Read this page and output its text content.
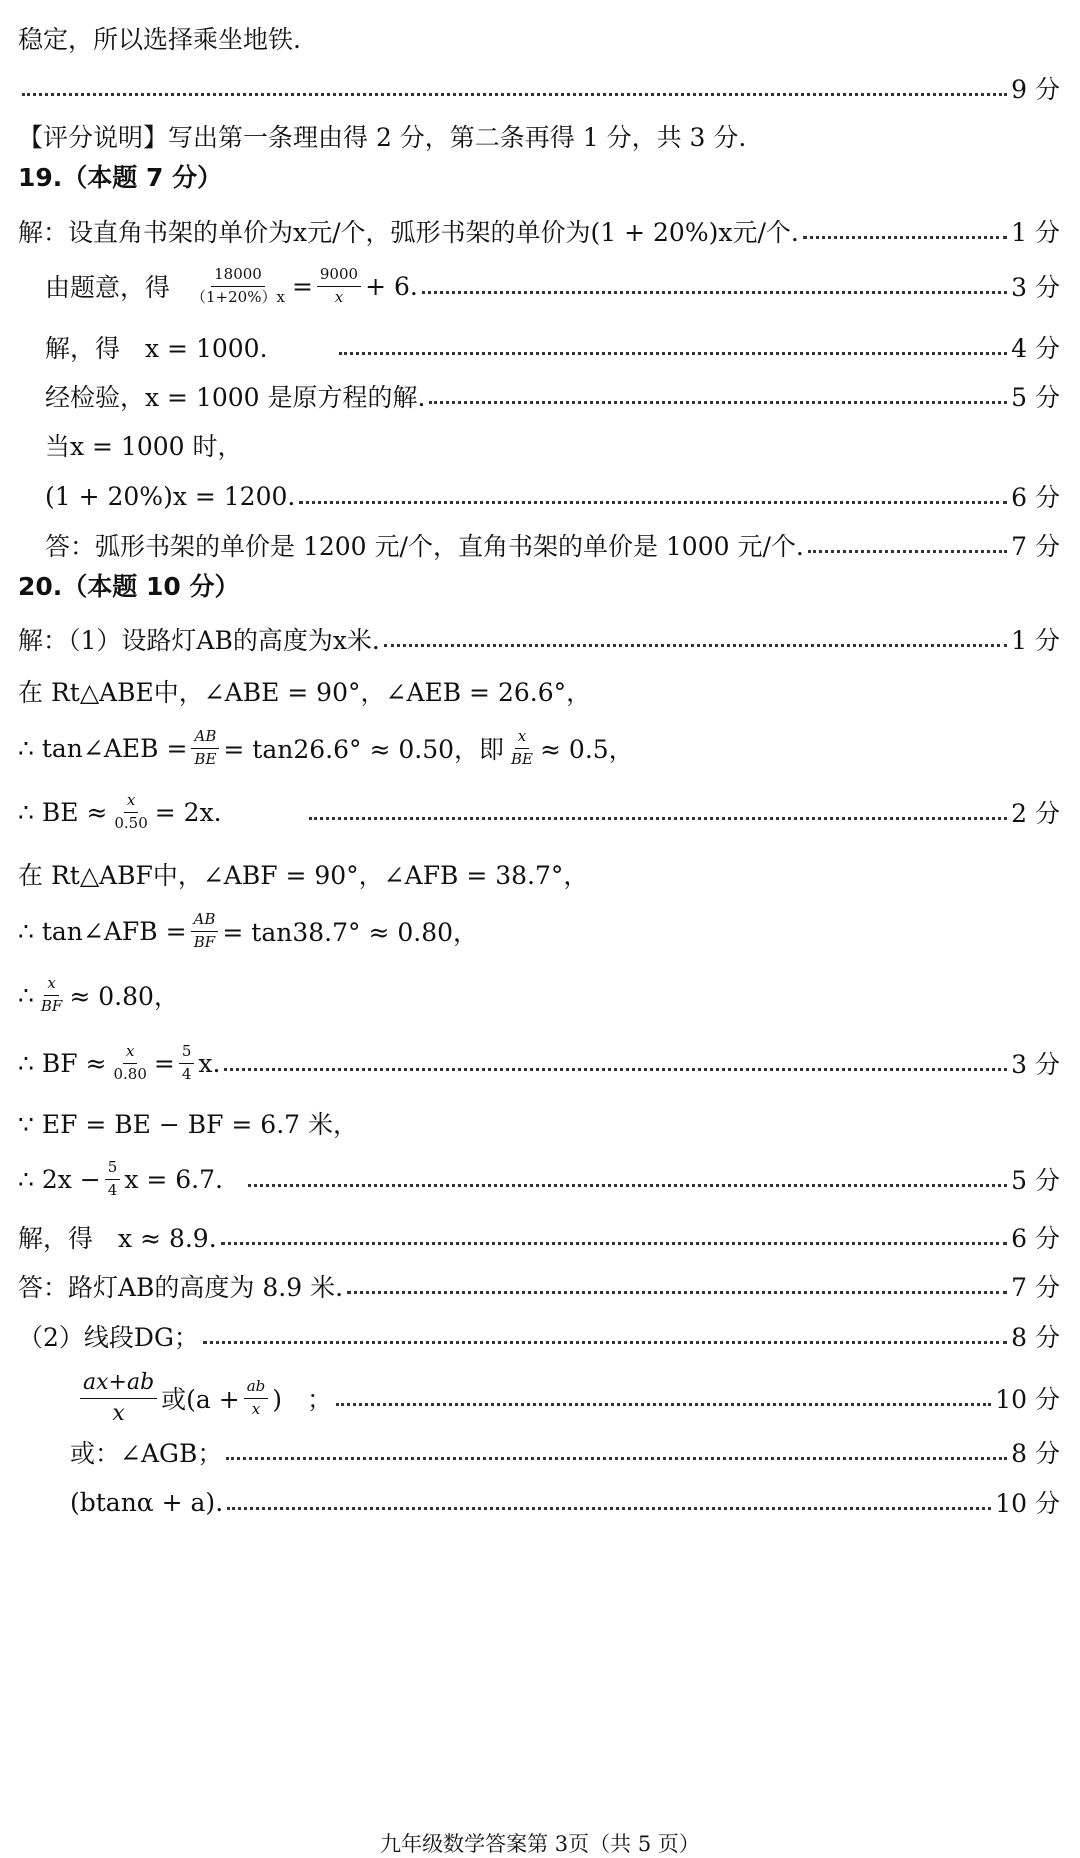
稳定，所以选择乘坐地铁.
9 分
【评分说明】写出第一条理由得 2 分，第二条再得 1 分，共 3 分.
19.（本题 7 分）
解：设直角书架的单价为x元/个，弧形书架的单价为(1 + 20%)x元/个.	1 分
由题意，得 $\frac{18000}{(1+20\%)x} = \frac{9000}{x} + 6$.	3 分
解，得　x = 1000.	4 分
经检验，x = 1000 是原方程的解.	5 分
当x = 1000 时，
(1 + 20%)x = 1200.	6 分
答：弧形书架的单价是 1200 元/个，直角书架的单价是 1000 元/个.	7 分
20.（本题 10 分）
解：（1）设路灯AB的高度为x米.	1 分
在 Rt△ABE中，∠ABE = 90°，∠AEB = 26.6°，
∴ tan∠AEB = $\frac{AB}{BE} = \tan 26.6^\circ \approx 0.50$，即 $\frac{x}{BE} \approx 0.5$，
∴ BE ≈ $\frac{x}{0.50} = 2x$.	2 分
在 Rt△ABF中，∠ABF = 90°，∠AFB = 38.7°，
∴ tan∠AFB = $\frac{AB}{BF} = \tan 38.7^\circ \approx 0.80$，
∴ $\frac{x}{BF} \approx 0.80$，
∴ BF ≈ $\frac{x}{0.80} = \frac{5}{4} x$.	3 分
∵ EF = BE − BF = 6.7 米，
∴ $2x - \frac{5}{4}$ x = 6.7.	5 分
解，得　x ≈ 8.9.	6 分
答：路灯AB的高度为 8.9 米.	7 分
（2）线段DG；	8 分
$\frac{ax+ab}{x}$ 或($a + \frac{ab}{x}$ )　；	10 分
或：∠AGB；	8 分
(btanα + a).	10 分
九年级数学答案第 3页（共 5 页）
